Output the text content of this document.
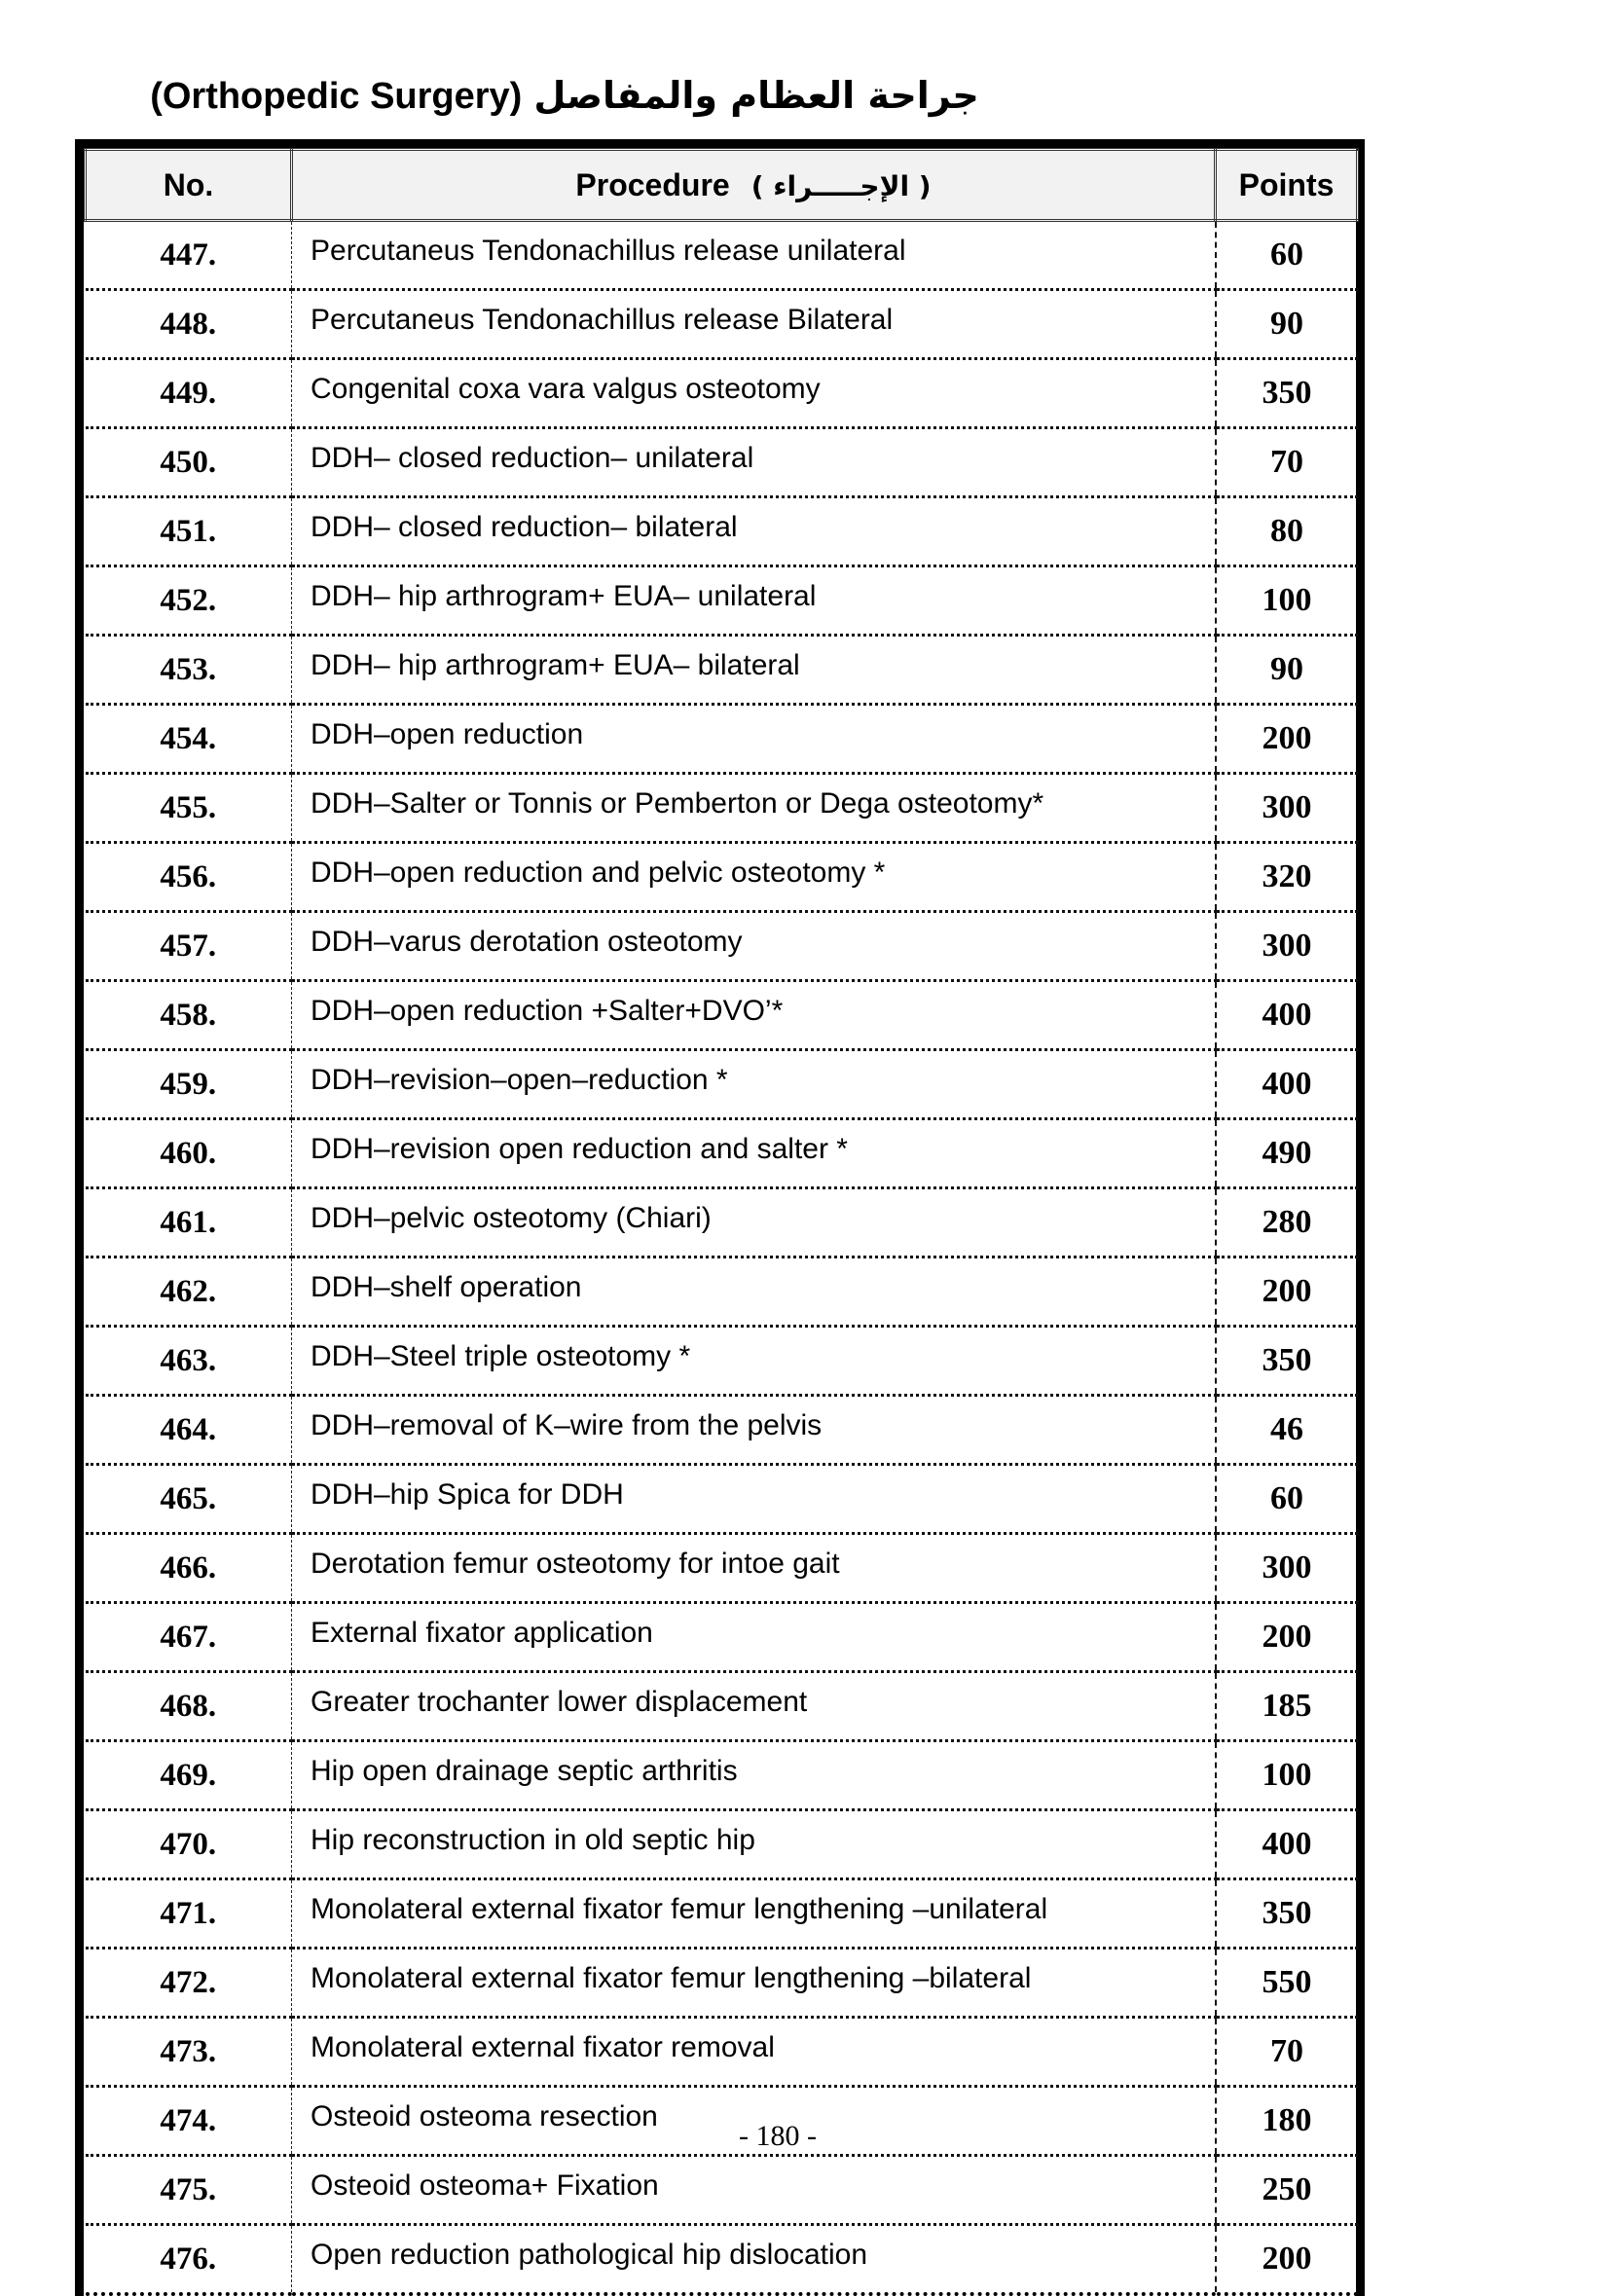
(Orthopedic Surgery) جراحة العظام والمفاصل
No.	Procedure ( الإجـــــراء )	Points
447.	Percutaneus Tendonachillus release unilateral	60
448.	Percutaneus Tendonachillus release Bilateral	90
449.	Congenital coxa vara valgus osteotomy	350
450.	DDH– closed reduction– unilateral	70
451.	DDH– closed reduction– bilateral	80
452.	DDH– hip arthrogram+ EUA– unilateral	100
453.	DDH– hip arthrogram+ EUA– bilateral	90
454.	DDH–open reduction	200
455.	DDH–Salter or Tonnis or Pemberton or Dega osteotomy*	300
456.	DDH–open reduction and pelvic osteotomy *	320
457.	DDH–varus derotation osteotomy	300
458.	DDH–open reduction +Salter+DVO’*	400
459.	DDH–revision–open–reduction *	400
460.	DDH–revision open reduction and salter *	490
461.	DDH–pelvic osteotomy (Chiari)	280
462.	DDH–shelf operation	200
463.	DDH–Steel triple osteotomy *	350
464.	DDH–removal of K–wire from the pelvis	46
465.	DDH–hip Spica for DDH	60
466.	Derotation femur osteotomy for intoe gait	300
467.	External fixator application	200
468.	Greater trochanter lower displacement	185
469.	Hip open drainage septic arthritis	100
470.	Hip reconstruction in old septic hip	400
471.	Monolateral external fixator femur lengthening –unilateral	350
472.	Monolateral external fixator femur lengthening –bilateral	550
473.	Monolateral external fixator removal	70
474.	Osteoid osteoma resection	180
475.	Osteoid osteoma+ Fixation	250
476.	Open reduction pathological hip dislocation	200
- 180 -
